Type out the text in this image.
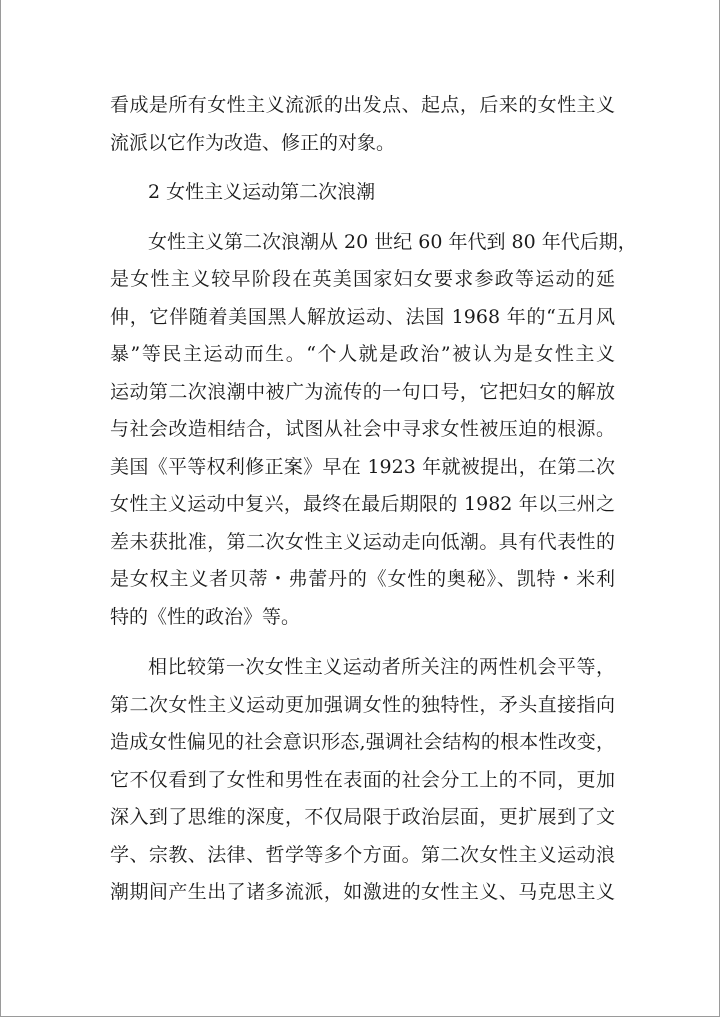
看成是所有女性主义流派的出发点、起点，后来的女性主义
流派以它作为改造、修正的对象。
2 女性主义运动第二次浪潮
女性主义第二次浪潮从 20 世纪 60 年代到 80 年代后期，
是女性主义较早阶段在英美国家妇女要求参政等运动的延
伸，它伴随着美国黑人解放运动、法国 1968 年的“五月风
暴”等民主运动而生。“个人就是政治”被认为是女性主义
运动第二次浪潮中被广为流传的一句口号，它把妇女的解放
与社会改造相结合，试图从社会中寻求女性被压迫的根源。
美国《平等权利修正案》早在 1923 年就被提出，在第二次
女性主义运动中复兴，最终在最后期限的 1982 年以三州之
差未获批准，第二次女性主义运动走向低潮。具有代表性的
是女权主义者贝蒂・弗蕾丹的《女性的奥秘》、凯特・米利
特的《性的政治》等。
相比较第一次女性主义运动者所关注的两性机会平等，
第二次女性主义运动更加强调女性的独特性，矛头直接指向
造成女性偏见的社会意识形态,强调社会结构的根本性改变，
它不仅看到了女性和男性在表面的社会分工上的不同，更加
深入到了思维的深度，不仅局限于政治层面，更扩展到了文
学、宗教、法律、哲学等多个方面。第二次女性主义运动浪
潮期间产生出了诸多流派，如激进的女性主义、马克思主义
